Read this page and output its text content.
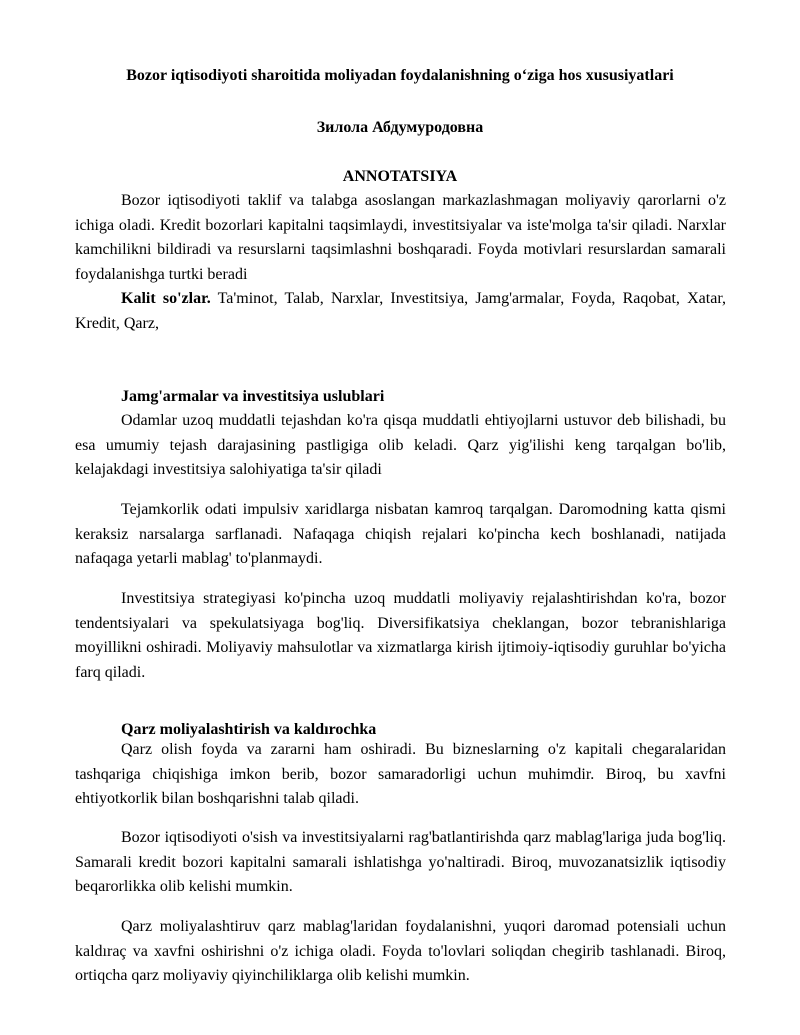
Bozor iqtisodiyoti sharoitida moliyadan foydalanishning o‘ziga hos xususiyatlari

Зилола Абдумуродовна

ANNOTATSIYA

Bozor iqtisodiyoti taklif va talabga asoslangan markazlashmagan moliyaviy qarorlarni o'z ichiga oladi. Kredit bozorlari kapitalni taqsimlaydi, investitsiyalar va iste'molga ta'sir qiladi. Narxlar kamchilikni bildiradi va resurslarni taqsimlashni boshqaradi. Foyda motivlari resurslardan samarali foydalanishga turtki beradi

Kalit so'zlar. Ta'minot, Talab, Narxlar, Investitsiya, Jamg'armalar, Foyda, Raqobat, Xatar, Kredit, Qarz,

Jamg'armalar va investitsiya uslublari

Odamlar uzoq muddatli tejashdan ko'ra qisqa muddatli ehtiyojlarni ustuvor deb bilishadi, bu esa umumiy tejash darajasining pastligiga olib keladi. Qarz yig'ilishi keng tarqalgan bo'lib, kelajakdagi investitsiya salohiyatiga ta'sir qiladi

Tejamkorlik odati impulsiv xaridlarga nisbatan kamroq tarqalgan. Daromodning katta qismi keraksiz narsalarga sarflanadi. Nafaqaga chiqish rejalari ko'pincha kech boshlanadi, natijada nafaqaga yetarli mablag' to'planmaydi.

Investitsiya strategiyasi ko'pincha uzoq muddatli moliyaviy rejalashtirishdan ko'ra, bozor tendentsiyalari va spekulatsiyaga bog'liq. Diversifikatsiya cheklangan, bozor tebranishlariga moyillikni oshiradi. Moliyaviy mahsulotlar va xizmatlarga kirish ijtimoiy-iqtisodiy guruhlar bo'yicha farq qiladi.

Qarz moliyalashtirish va kaldırochka

Qarz olish foyda va zararni ham oshiradi. Bu bizneslarning o'z kapitali chegaralaridan tashqariga chiqishiga imkon berib, bozor samaradorligi uchun muhimdir. Biroq, bu xavfni ehtiyotkorlik bilan boshqarishni talab qiladi.

Bozor iqtisodiyoti o'sish va investitsiyalarni rag'batlantirishda qarz mablag'lariga juda bog'liq. Samarali kredit bozori kapitalni samarali ishlatishga yo'naltiradi. Biroq, muvozanatsizlik iqtisodiy beqarorlikka olib kelishi mumkin.

Qarz moliyalashtiruv qarz mablag'laridan foydalanishni, yuqori daromad potensiali uchun kaldıraç va xavfni oshirishni o'z ichiga oladi. Foyda to'lovlari soliqdan chegirib tashlanadi. Biroq, ortiqcha qarz moliyaviy qiyinchiliklarga olib kelishi mumkin.
